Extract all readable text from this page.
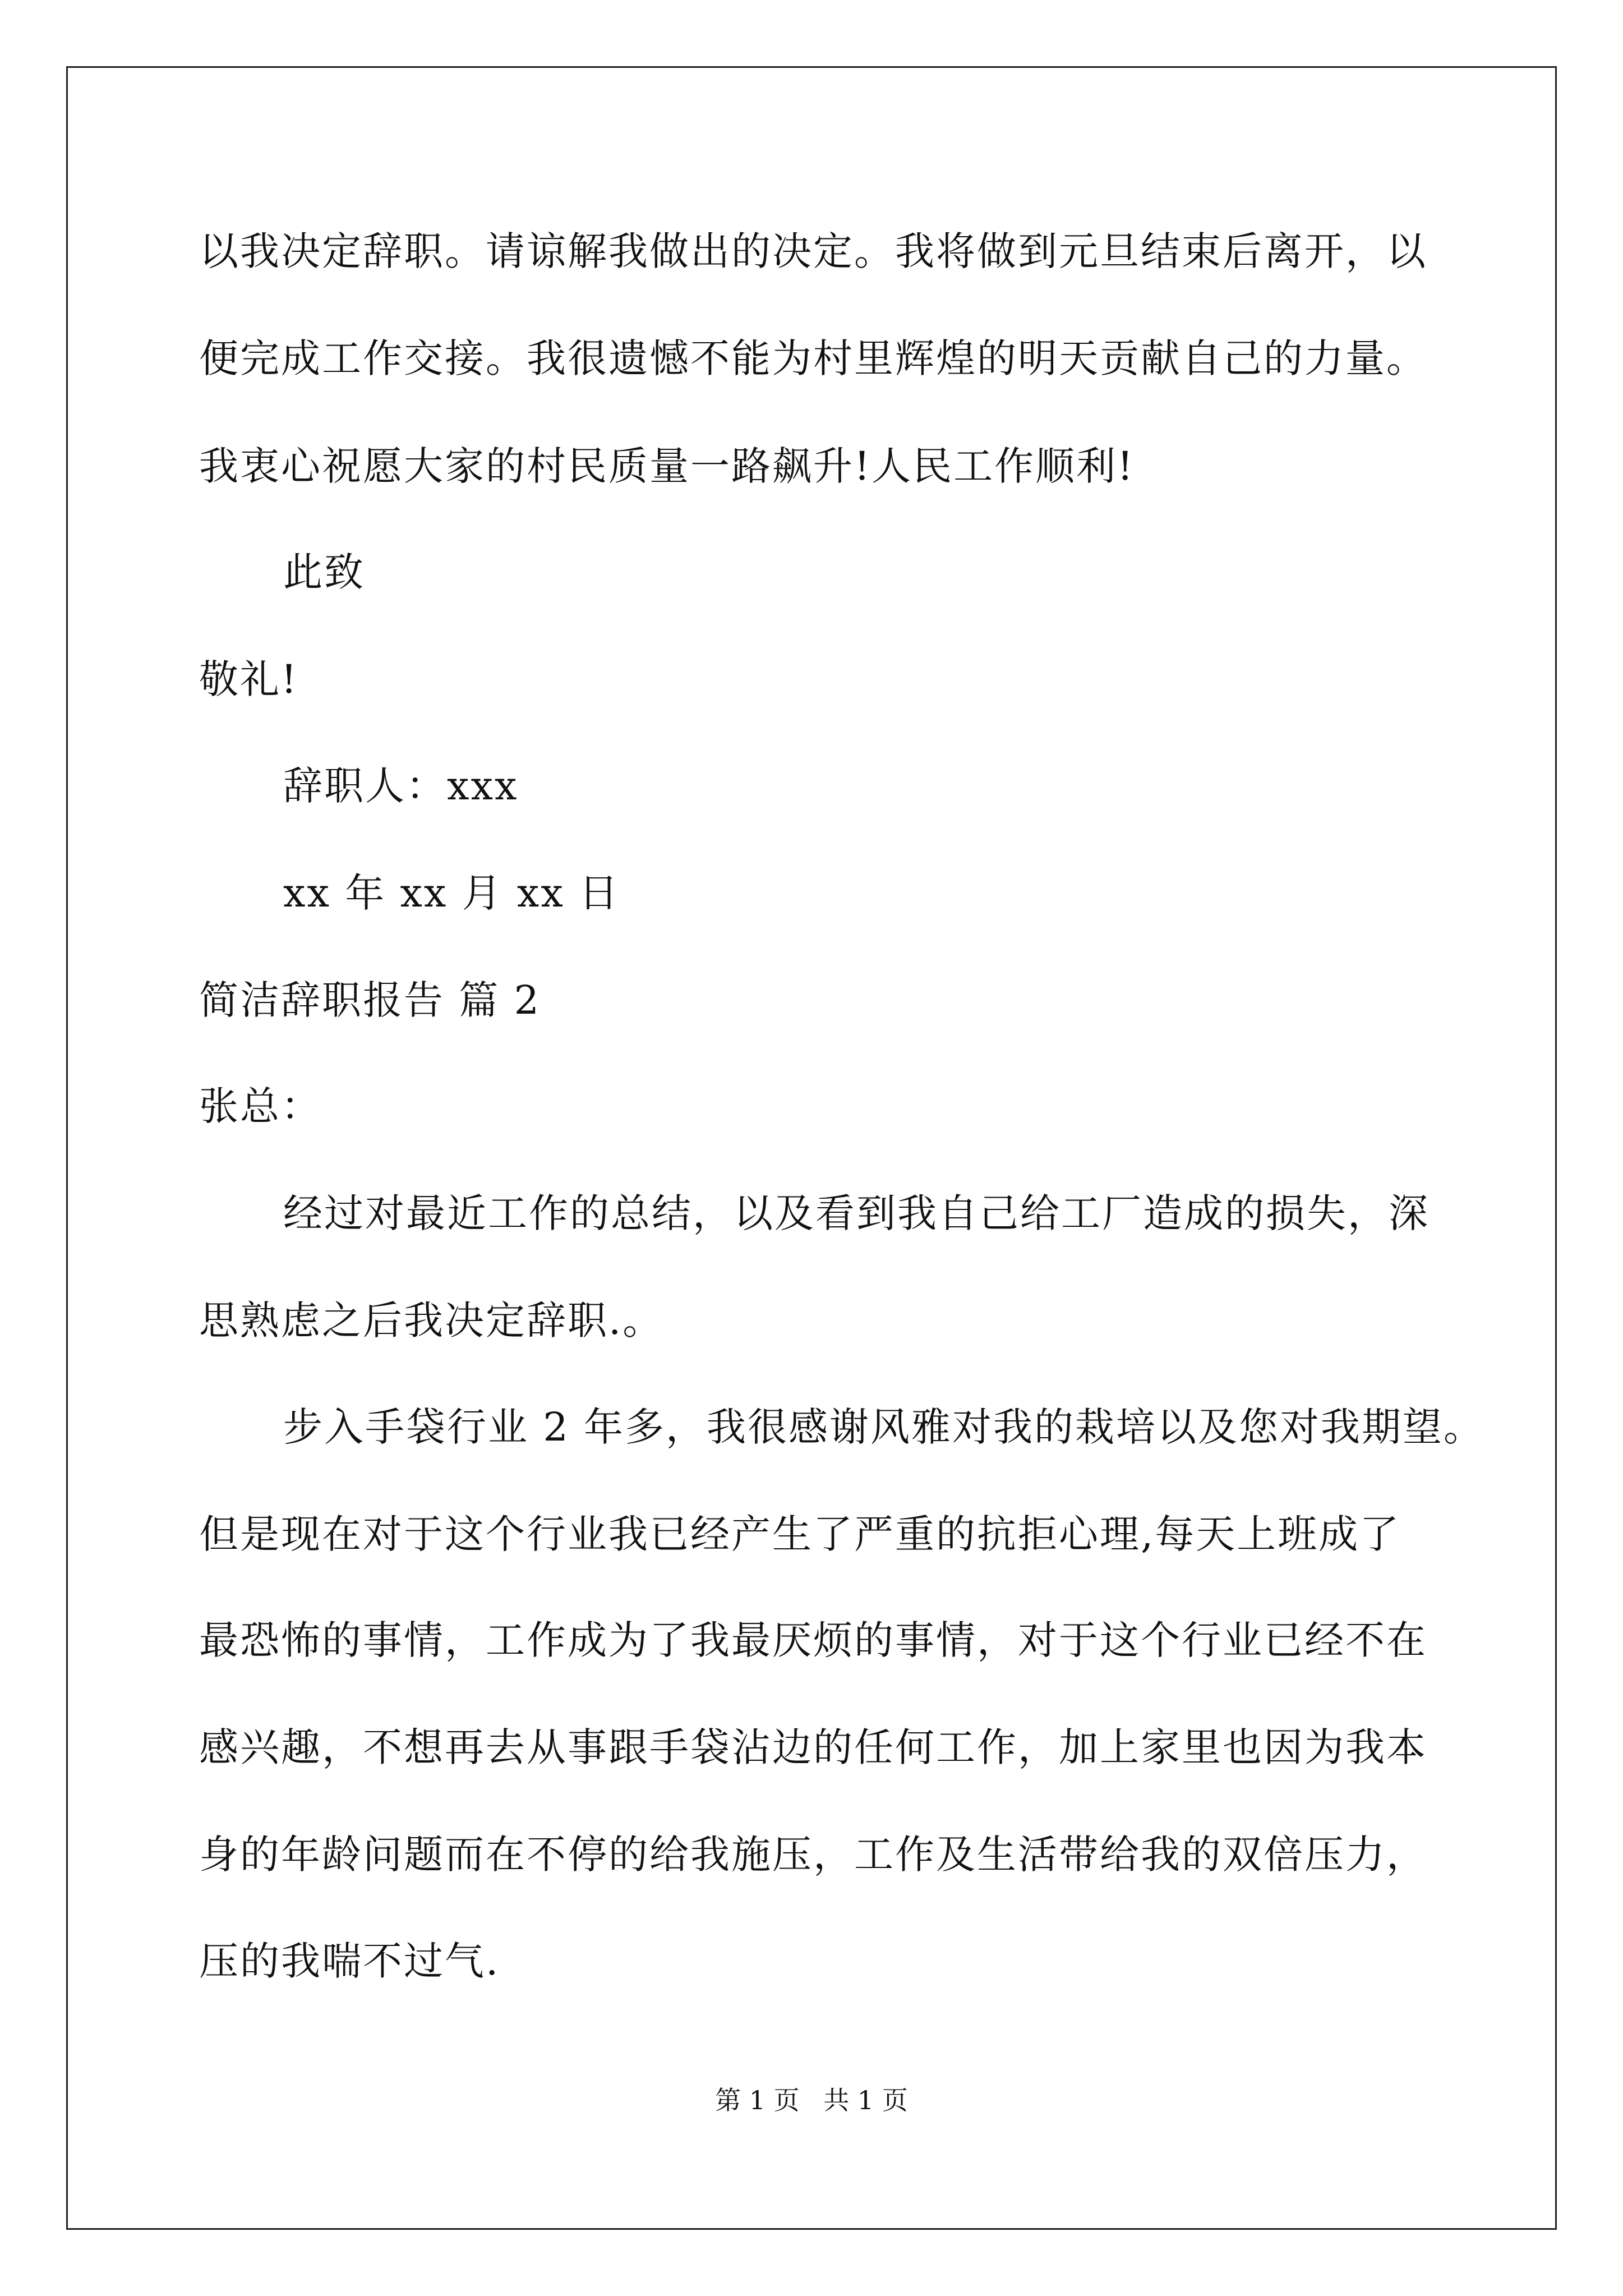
以我决定辞职。请谅解我做出的决定。我将做到元旦结束后离开，以
便完成工作交接。我很遗憾不能为村里辉煌的明天贡献自己的力量。
我衷心祝愿大家的村民质量一路飙升!人民工作顺利!
此致
敬礼!
辞职人：xxx
xx 年 xx 月 xx 日
简洁辞职报告 篇 2
张总：
经过对最近工作的总结，以及看到我自己给工厂造成的损失，深
思熟虑之后我决定辞职.。
步入手袋行业 2 年多，我很感谢风雅对我的栽培以及您对我期望。
但是现在对于这个行业我已经产生了严重的抗拒心理,每天上班成了
最恐怖的事情，工作成为了我最厌烦的事情，对于这个行业已经不在
感兴趣，不想再去从事跟手袋沾边的任何工作，加上家里也因为我本
身的年龄问题而在不停的给我施压，工作及生活带给我的双倍压力，
压的我喘不过气.
第 1 页 共 1 页
